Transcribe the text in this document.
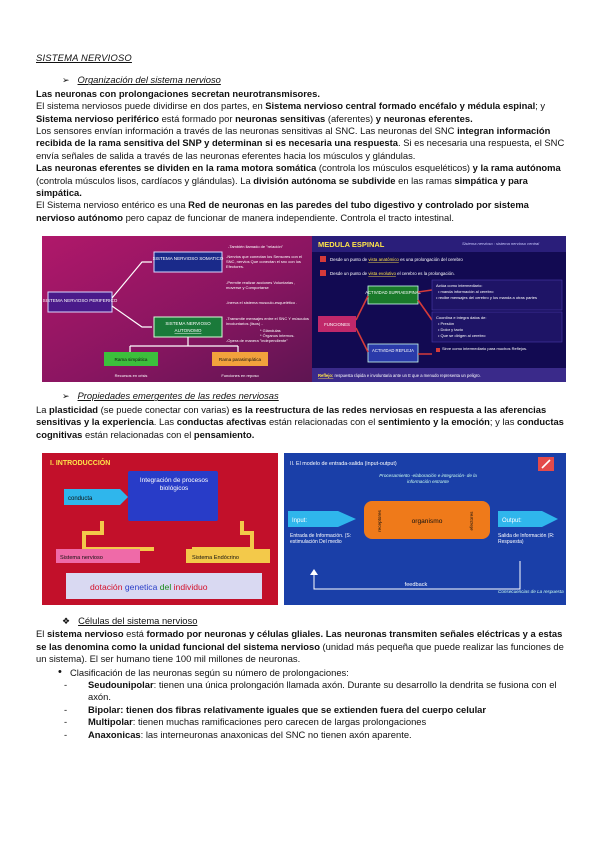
SISTEMA NERVIOSO
➢ Organización del sistema nervioso

Las neuronas con prolongaciones secretan neurotransmisores.

El sistema nerviosos puede dividirse en dos partes, en Sistema nervioso central formado encéfalo y médula espinal; y Sistema nervioso periférico está formado por neuronas sensitivas (aferentes) y neuronas eferentes.

Los sensores envían información a través de las neuronas sensitivas al SNC. Las neuronas del SNC integran información recibida de la rama sensitiva del SNP y determinan si es necesaria una respuesta. Si es necesaria una respuesta, el SNC envía señales de salida a través de las neuronas eferentes hacia los músculos y glándulas.

Las neuronas eferentes se dividen en la rama motora somática (controla los músculos esqueléticos) y la rama autónoma (controla músculos lisos, cardíacos y glándulas). La división autónoma se subdivide en las ramas simpática y para simpática.

El Sistema nervioso entérico es una Red de neuronas en las paredes del tubo digestivo y controlado por sistema nervioso autónomo pero capaz de funcionar de manera independiente. Controla el tracto intestinal.

SISTEMA NERVIOSO SOMATICO
SISTEMA NERVIOSO PERIFERICO
SISTEMA NERVIOSO
AUTONOMO
-También llamado de "relación"
-Nervios que conectan los Sensores con el SNC, nervios Que conectan el snc con los Efectores.
-Permite realizar acciones Voluntarias , moverse y Comportarse
-Inerva el sistema musculo-esquelético .
-Transmite mensajes entre el SNC Y músculos involuntarios (lisos) -
* Glándulas
* Órganos internos.
-Opera de manera "independiente"
Rama simpática	Rama parasimpática
Recursos en crisis	Funciones en reposo
MEDULA ESPINAL	Sistema nervioso : sistema nervioso central
Desde un punto de vista anatómico es una prolongación del cerebro
Desde un punto de vista evolutivo el cerebro es la prolongación.
ACTIVIDAD SUPRAESPINAL
FUNCIONES
ACTIVIDAD REFLEJA
Actúa como intermediario:
• manda información al cerebro
• recibe mensajes del cerebro y los manda a otras partes
Coordina e integra datos de:
• Presión
• Dolor y tacto
• Que se dirigen al cerebro
Sirve como intermediario para muchos Reflejos.
Reflejo: respuesta rápida e involuntaria ante un E que a menudo representa un peligro.
➢ Propiedades emergentes de las redes nerviosas

La plasticidad (se puede conectar con varias) es la reestructura de las redes nerviosas en respuesta a las aferencias sensitivas y la experiencia. Las conductas afectivas están relacionadas con el sentimiento y la emoción; y las conductas cognitivas están relacionadas con el pensamiento.

I. INTRODUCCIÓN
Integración de procesos biológicos
conducta
Sistema nervioso	Sistema Endócrino
dotación genetica del individuo
II. El modelo de entrada-salida (input-output)
Procesamiento -elaboración e integración- de la información entrante
receptores	organismo	efectores
Input:	Output:
Entrada de Información. (S: estimulación Del medio
Salida de Información (R: Respuesta)
feedback
Consecuencias de La respuesta
❖ Células del sistema nervioso

El sistema nervioso está formado por neuronas y células gliales. Las neuronas transmiten señales eléctricas y a estas se las denomina como la unidad funcional del sistema nervioso (unidad más pequeña que puede realizar las funciones de un sistema). El ser humano tiene 100 mil millones de neuronas.

• Clasificación de las neuronas según su número de prolongaciones:
- Seudounipolar: tienen una única prolongación llamada axón. Durante su desarrollo la dendrita se fusiona con el axón.
- Bipolar: tienen dos fibras relativamente iguales que se extienden fuera del cuerpo celular
- Multipolar: tienen muchas ramificaciones pero carecen de largas prolongaciones
- Anaxonicas: las interneuronas anaxonicas del SNC no tienen axón aparente.
